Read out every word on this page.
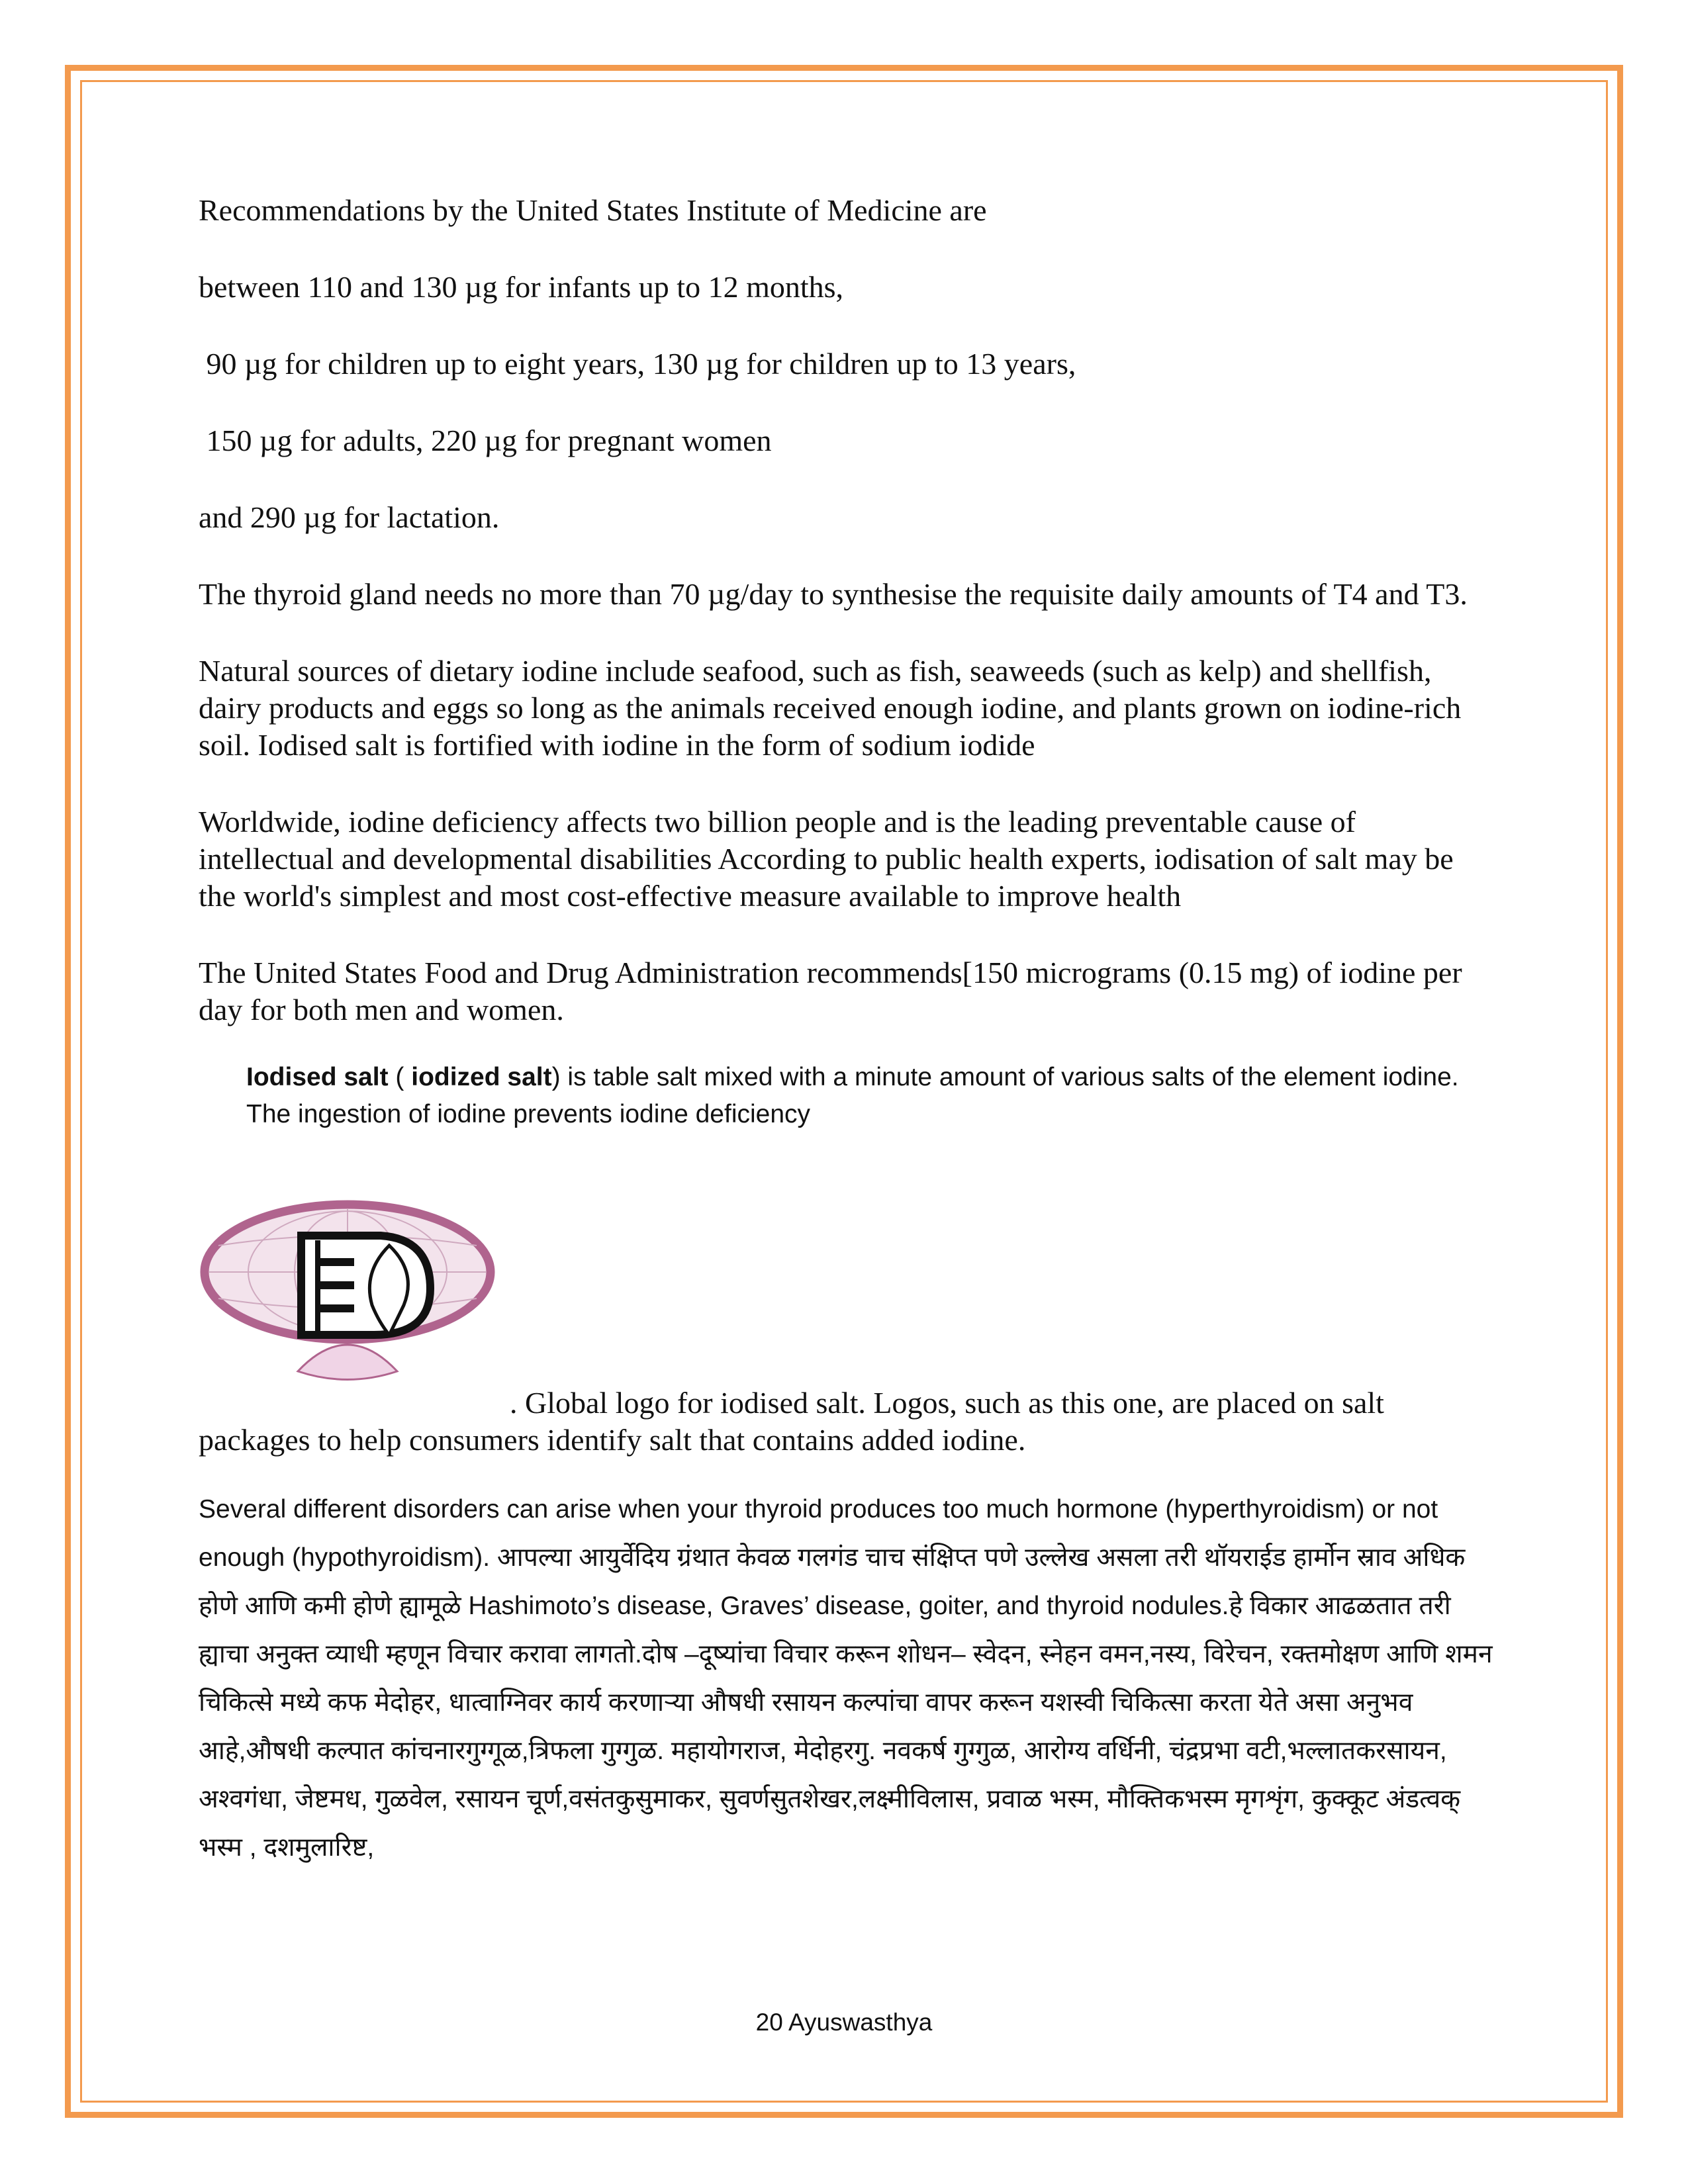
Recommendations by the United States Institute of Medicine are

between 110 and 130 µg for infants up to 12 months,

90 µg for children up to eight years, 130 µg for children up to 13 years,

150 µg for adults, 220 µg for pregnant women

and 290 µg for lactation.

The thyroid gland needs no more than 70 µg/day to synthesise the requisite daily amounts of T4 and T3.

Natural sources of dietary iodine include seafood, such as fish, seaweeds (such as kelp) and shellfish, dairy products and eggs so long as the animals received enough iodine, and plants grown on iodine-rich soil. Iodised salt is fortified with iodine in the form of sodium iodide

Worldwide, iodine deficiency affects two billion people and is the leading preventable cause of intellectual and developmental disabilities According to public health experts, iodisation of salt may be the world's simplest and most cost-effective measure available to improve health

The United States Food and Drug Administration recommends[150 micrograms (0.15 mg) of iodine per day for both men and women.

Iodised salt ( iodized salt) is table salt mixed with a minute amount of various salts of the element iodine. The ingestion of iodine prevents iodine deficiency

. Global logo for iodised salt. Logos, such as this one, are placed on salt packages to help consumers identify salt that contains added iodine.

Several different disorders can arise when your thyroid produces too much hormone (hyperthyroidism) or not enough (hypothyroidism). आपल्या आयुर्वेदिय ग्रंथात केवळ गलगंड चाच संक्षिप्त पणे उल्लेख असला तरी थॉयराईड हार्मोन स्राव अधिक होणे आणि कमी होणे ह्यामूळे Hashimoto’s disease, Graves’ disease, goiter, and thyroid nodules.हे विकार आढळतात तरी ह्याचा अनुक्त व्याधी म्हणून विचार करावा लागतो.दोष –दूष्यांचा विचार करून शोधन– स्वेदन, स्नेहन वमन,नस्य, विरेचन, रक्तमोक्षण आणि शमन चिकित्से मध्ये कफ मेदोहर, धात्वाग्निवर कार्य करणाऱ्या औषधी रसायन कल्पांचा वापर करून यशस्वी चिकित्सा करता येते असा अनुभव आहे,औषधी कल्पात कांचनारगुग्गूळ,त्रिफला गुग्गुळ. महायोगराज, मेदोहरगु. नवकर्ष गुग्गुळ, आरोग्य वर्धिनी, चंद्रप्रभा वटी,भल्लातकरसायन, अश्वगंधा, जेष्टमध, गुळवेल, रसायन चूर्ण,वसंतकुसुमाकर, सुवर्णसुतशेखर,लक्ष्मीविलास, प्रवाळ भस्म, मौक्तिकभस्म मृगशृंग, कुक्कूट अंडत्वक् भस्म , दशमुलारिष्ट,

20 Ayuswasthya
